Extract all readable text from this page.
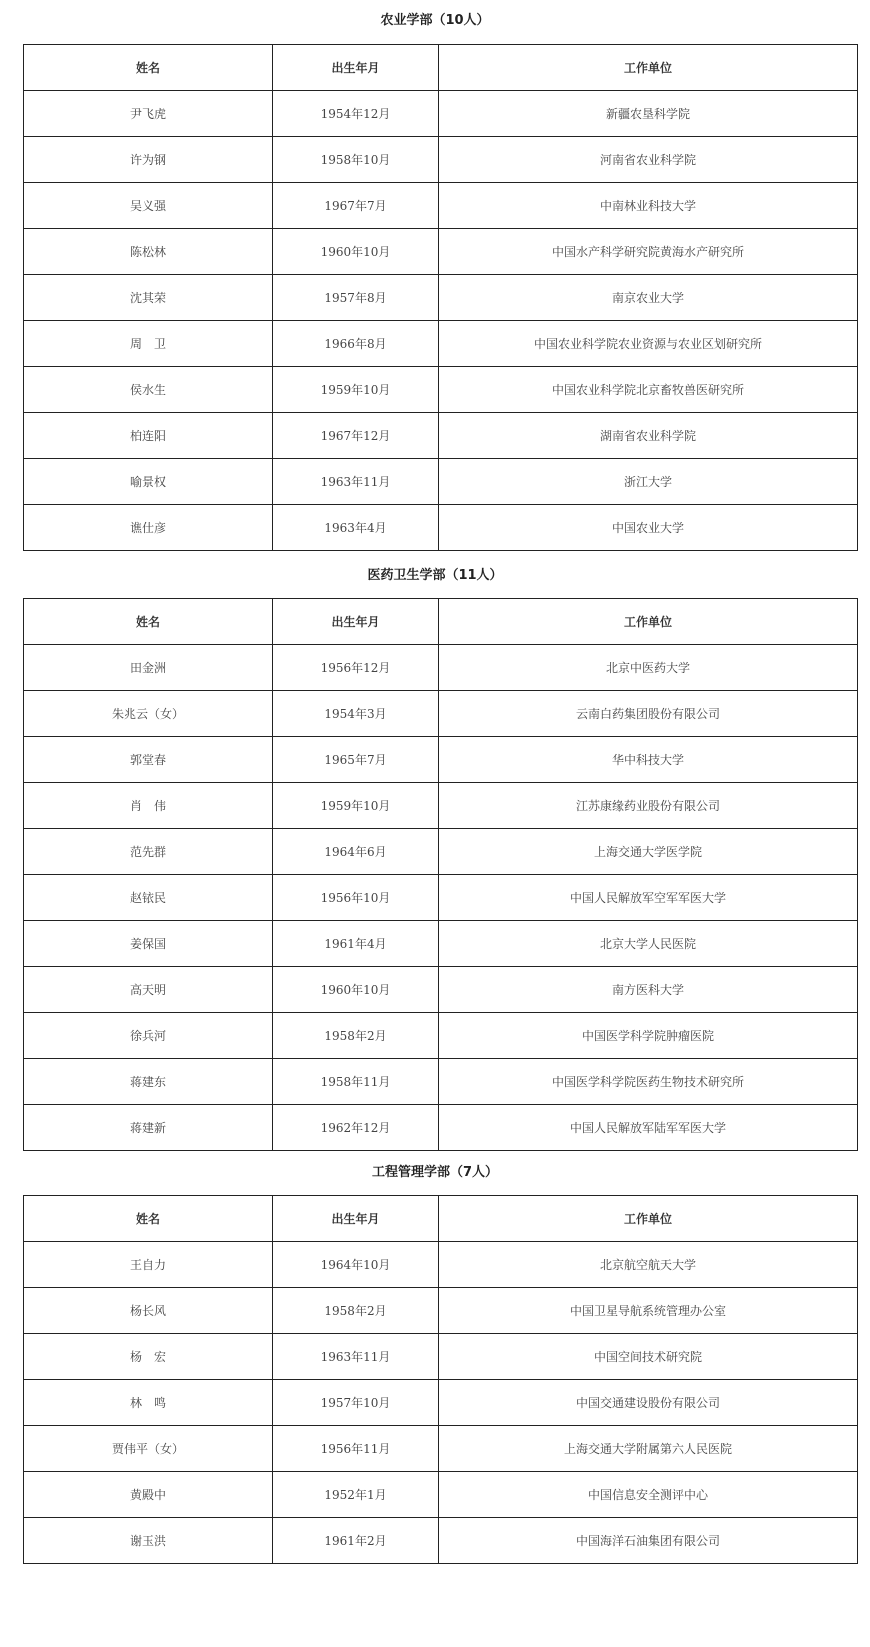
农业学部（10人）
姓名	出生年月	工作单位
尹飞虎	1954年12月	新疆农垦科学院
许为钢	1958年10月	河南省农业科学院
吴义强	1967年7月	中南林业科技大学
陈松林	1960年10月	中国水产科学研究院黄海水产研究所
沈其荣	1957年8月	南京农业大学
周　卫	1966年8月	中国农业科学院农业资源与农业区划研究所
侯水生	1959年10月	中国农业科学院北京畜牧兽医研究所
柏连阳	1967年12月	湖南省农业科学院
喻景权	1963年11月	浙江大学
谯仕彦	1963年4月	中国农业大学
医药卫生学部（11人）
姓名	出生年月	工作单位
田金洲	1956年12月	北京中医药大学
朱兆云（女）	1954年3月	云南白药集团股份有限公司
郭堂春	1965年7月	华中科技大学
肖　伟	1959年10月	江苏康缘药业股份有限公司
范先群	1964年6月	上海交通大学医学院
赵铱民	1956年10月	中国人民解放军空军军医大学
姜保国	1961年4月	北京大学人民医院
高天明	1960年10月	南方医科大学
徐兵河	1958年2月	中国医学科学院肿瘤医院
蒋建东	1958年11月	中国医学科学院医药生物技术研究所
蒋建新	1962年12月	中国人民解放军陆军军医大学
工程管理学部（7人）
姓名	出生年月	工作单位
王自力	1964年10月	北京航空航天大学
杨长风	1958年2月	中国卫星导航系统管理办公室
杨　宏	1963年11月	中国空间技术研究院
林　鸣	1957年10月	中国交通建设股份有限公司
贾伟平（女）	1956年11月	上海交通大学附属第六人民医院
黄殿中	1952年1月	中国信息安全测评中心
谢玉洪	1961年2月	中国海洋石油集团有限公司
